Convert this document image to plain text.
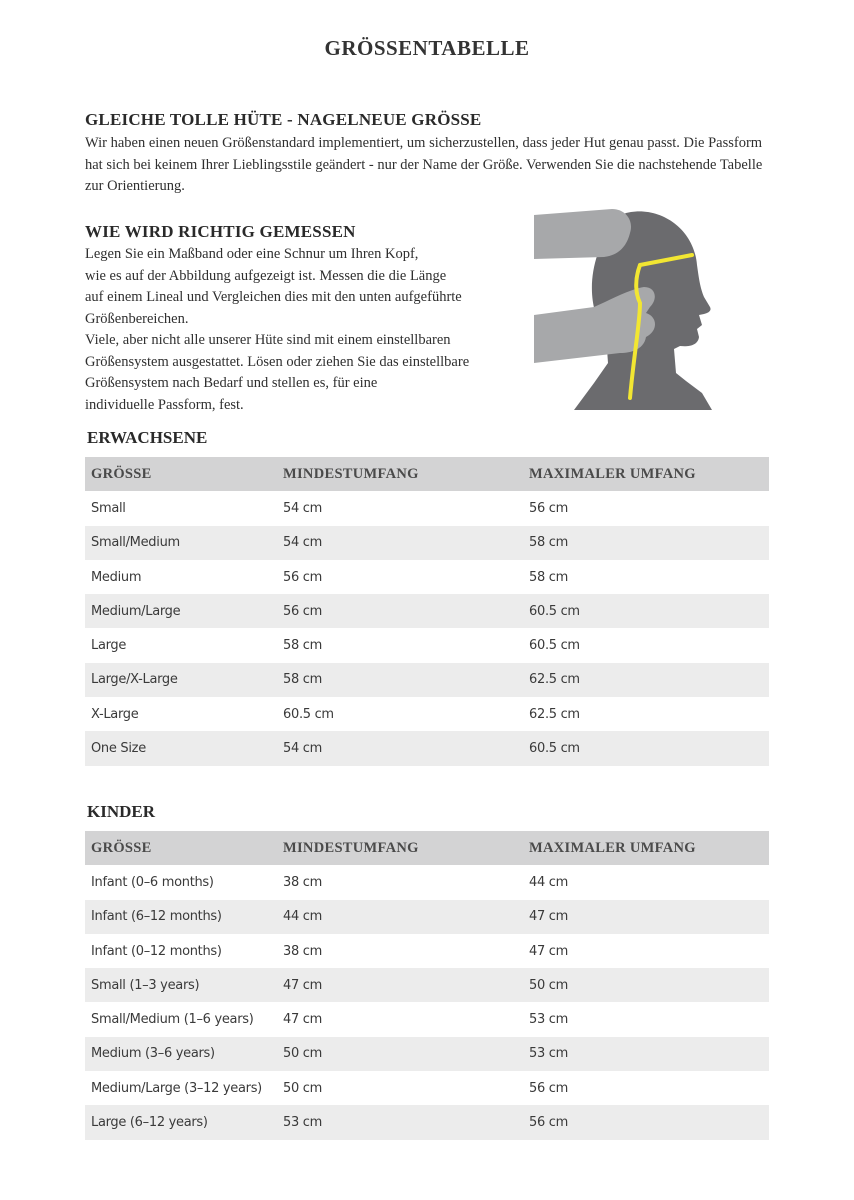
GRÖSSENTABELLE
GLEICHE TOLLE HÜTE - NAGELNEUE GRÖSSE

Wir haben einen neuen Größenstandard implementiert, um sicherzustellen, dass jeder Hut genau passt. Die Passform hat sich bei keinem Ihrer Lieblingsstile geändert - nur der Name der Größe. Verwenden Sie die nachstehende Tabelle zur Orientierung.

WIE WIRD RICHTIG GEMESSEN

Legen Sie ein Maßband oder eine Schnur um Ihren Kopf,
wie es auf der Abbildung aufgezeigt ist. Messen die die Länge
auf einem Lineal und Vergleichen dies mit den unten aufgeführte
Größenbereichen.
Viele, aber nicht alle unserer Hüte sind mit einem einstellbaren
Größensystem ausgestattet. Lösen oder ziehen Sie das einstellbare
Größensystem nach Bedarf und stellen es, für eine
individuelle Passform, fest.

ERWACHSENE
GRÖSSE	MINDESTUMFANG	MAXIMALER UMFANG
Small	54 cm	56 cm
Small/Medium	54 cm	58 cm
Medium	56 cm	58 cm
Medium/Large	56 cm	60.5 cm
Large	58 cm	60.5 cm
Large/X-Large	58 cm	62.5 cm
X-Large	60.5 cm	62.5 cm
One Size	54 cm	60.5 cm
KINDER
GRÖSSE	MINDESTUMFANG	MAXIMALER UMFANG
Infant (0–6 months)	38 cm	44 cm
Infant (6–12 months)	44 cm	47 cm
Infant (0–12 months)	38 cm	47 cm
Small (1–3 years)	47 cm	50 cm
Small/Medium (1–6 years)	47 cm	53 cm
Medium (3–6 years)	50 cm	53 cm
Medium/Large (3–12 years)	50 cm	56 cm
Large (6–12 years)	53 cm	56 cm
